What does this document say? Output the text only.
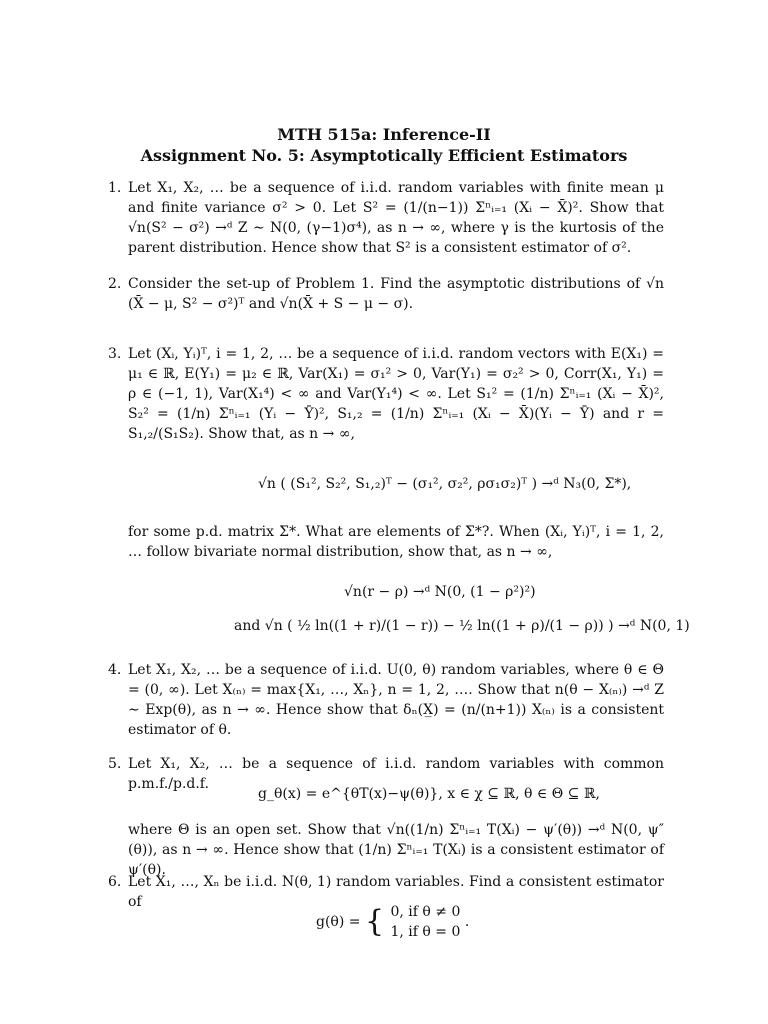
MTH 515a: Inference-II
Assignment No. 5: Asymptotically Efficient Estimators
1. Let X₁, X₂, … be a sequence of i.i.d. random variables with finite mean μ and finite variance σ² > 0. Let S² = (1/(n−1)) Σⁿᵢ₌₁ (Xᵢ − X̄)². Show that √n(S² − σ²) →ᵈ Z ∼ N(0, (γ−1)σ⁴), as n → ∞, where γ is the kurtosis of the parent distribution. Hence show that S² is a consistent estimator of σ².
2. Consider the set-up of Problem 1. Find the asymptotic distributions of √n (X̄ − μ, S² − σ²)ᵀ and √n(X̄ + S − μ − σ).
3. Let (Xᵢ, Yᵢ)ᵀ, i = 1, 2, … be a sequence of i.i.d. random vectors with E(X₁) = μ₁ ∈ ℝ, E(Y₁) = μ₂ ∈ ℝ, Var(X₁) = σ₁² > 0, Var(Y₁) = σ₂² > 0, Corr(X₁, Y₁) = ρ ∈ (−1, 1), Var(X₁⁴) < ∞ and Var(Y₁⁴) < ∞. Let S₁² = (1/n) Σⁿᵢ₌₁ (Xᵢ − X̄)², S₂² = (1/n) Σⁿᵢ₌₁ (Yᵢ − Ȳ)², S₁,₂ = (1/n) Σⁿᵢ₌₁ (Xᵢ − X̄)(Yᵢ − Ȳ) and r = S₁,₂/(S₁S₂). Show that, as n → ∞,
√n ( (S₁², S₂², S₁,₂)ᵀ − (σ₁², σ₂², ρσ₁σ₂)ᵀ ) →ᵈ N₃(0, Σ*),
for some p.d. matrix Σ*. What are elements of Σ*?. When (Xᵢ, Yᵢ)ᵀ, i = 1, 2, … follow bivariate normal distribution, show that, as n → ∞,
√n(r − ρ) →ᵈ N(0, (1 − ρ²)²)
and √n ( ½ ln((1 + r)/(1 − r)) − ½ ln((1 + ρ)/(1 − ρ)) ) →ᵈ N(0, 1)
4. Let X₁, X₂, … be a sequence of i.i.d. U(0, θ) random variables, where θ ∈ Θ = (0, ∞). Let X₍ₙ₎ = max{X₁, …, Xₙ}, n = 1, 2, …. Show that n(θ − X₍ₙ₎) →ᵈ Z ∼ Exp(θ), as n → ∞. Hence show that δₙ(X̲) = (n/(n+1)) X₍ₙ₎ is a consistent estimator of θ.
5. Let X₁, X₂, … be a sequence of i.i.d. random variables with common p.m.f./p.d.f.
g_θ(x) = e^{θT(x)−ψ(θ)}, x ∈ χ ⊆ ℝ, θ ∈ Θ ⊆ ℝ,
where Θ is an open set. Show that √n((1/n) Σⁿᵢ₌₁ T(Xᵢ) − ψ′(θ)) →ᵈ N(0, ψ″(θ)), as n → ∞. Hence show that (1/n) Σⁿᵢ₌₁ T(Xᵢ) is a consistent estimator of ψ′(θ).
6. Let X₁, …, Xₙ be i.i.d. N(θ, 1) random variables. Find a consistent estimator of
g(θ) = { 0, if θ ≠ 0
1, if θ = 0
.
